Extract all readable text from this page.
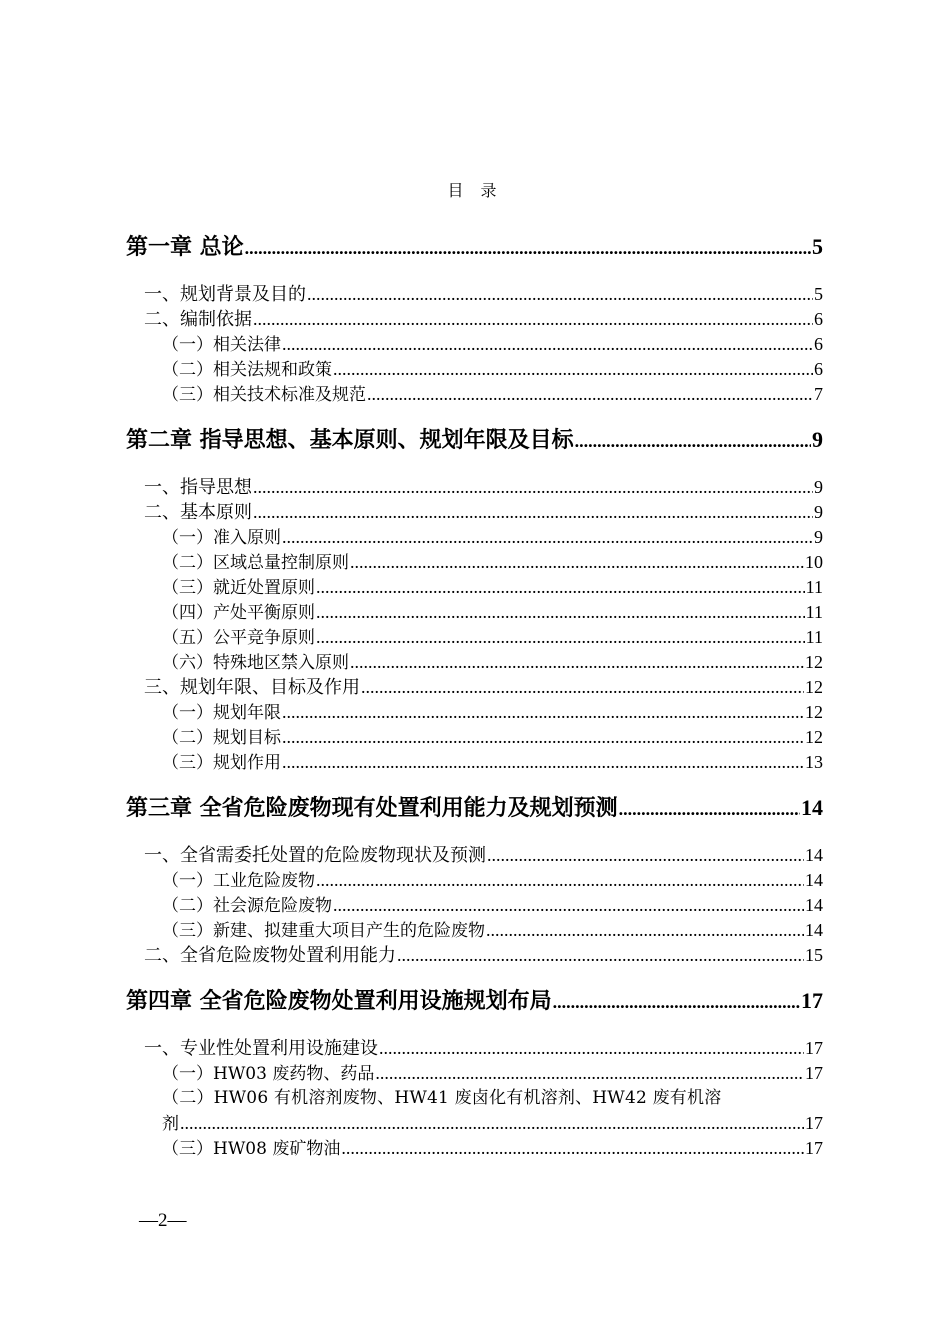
目 录
第一章 总论 .....	5
一、规划背景及目的 .....	5
二、编制依据 .....	6
（一）相关法律 .....	6
（二）相关法规和政策 .....	6
（三）相关技术标准及规范 .....	7
第二章 指导思想、基本原则、规划年限及目标 .....	9
一、指导思想 .....	9
二、基本原则 .....	9
（一）准入原则 .....	9
（二）区域总量控制原则 .....	10
（三）就近处置原则 .....	11
（四）产处平衡原则 .....	11
（五）公平竞争原则 .....	11
（六）特殊地区禁入原则 .....	12
三、规划年限、目标及作用 .....	12
（一）规划年限 .....	12
（二）规划目标 .....	12
（三）规划作用 .....	13
第三章 全省危险废物现有处置利用能力及规划预测 .....	14
一、全省需委托处置的危险废物现状及预测 .....	14
（一）工业危险废物 .....	14
（二）社会源危险废物 .....	14
（三）新建、拟建重大项目产生的危险废物 .....	14
二、全省危险废物处置利用能力 .....	15
第四章 全省危险废物处置利用设施规划布局 .....	17
一、专业性处置利用设施建设 .....	17
（一）HW03 废药物、药品 .....	17
（二）HW06 有机溶剂废物、HW41 废卤化有机溶剂、HW42 废有机溶
剂 .....	17
（三）HW08 废矿物油 .....	17
—2—
